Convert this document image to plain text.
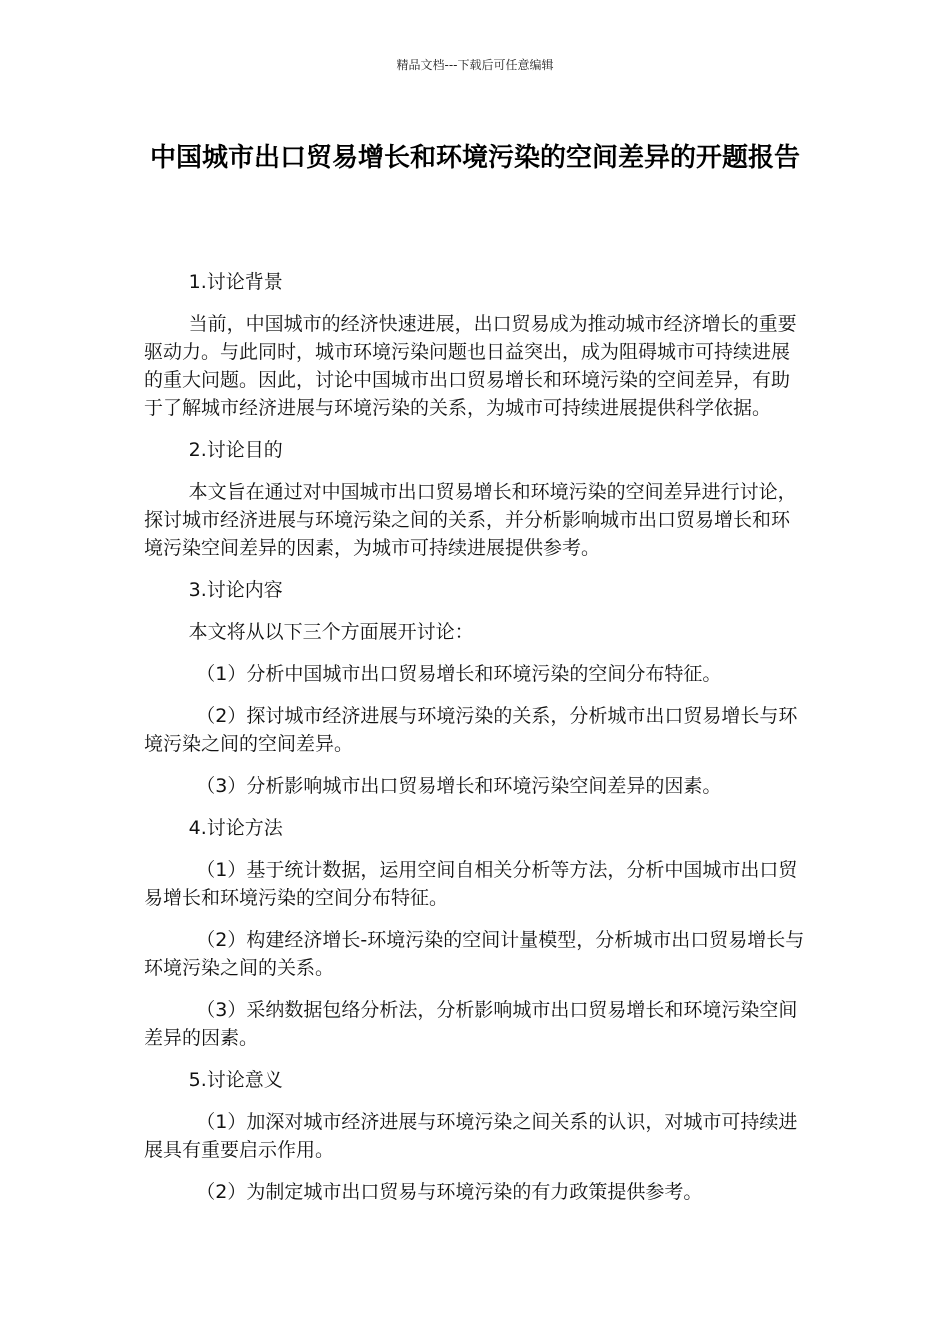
精品文档---下载后可任意编辑
中国城市出口贸易增长和环境污染的空间差异的开题报告

1.讨论背景

当前，中国城市的经济快速进展，出口贸易成为推动城市经济增长的重要驱动力。与此同时，城市环境污染问题也日益突出，成为阻碍城市可持续进展的重大问题。因此，讨论中国城市出口贸易增长和环境污染的空间差异，有助于了解城市经济进展与环境污染的关系，为城市可持续进展提供科学依据。

2.讨论目的

本文旨在通过对中国城市出口贸易增长和环境污染的空间差异进行讨论，探讨城市经济进展与环境污染之间的关系，并分析影响城市出口贸易增长和环境污染空间差异的因素，为城市可持续进展提供参考。

3.讨论内容

本文将从以下三个方面展开讨论：

（1）分析中国城市出口贸易增长和环境污染的空间分布特征。

（2）探讨城市经济进展与环境污染的关系，分析城市出口贸易增长与环境污染之间的空间差异。

（3）分析影响城市出口贸易增长和环境污染空间差异的因素。

4.讨论方法

（1）基于统计数据，运用空间自相关分析等方法，分析中国城市出口贸易增长和环境污染的空间分布特征。

（2）构建经济增长-环境污染的空间计量模型，分析城市出口贸易增长与环境污染之间的关系。

（3）采纳数据包络分析法，分析影响城市出口贸易增长和环境污染空间差异的因素。

5.讨论意义

（1）加深对城市经济进展与环境污染之间关系的认识，对城市可持续进展具有重要启示作用。

（2）为制定城市出口贸易与环境污染的有力政策提供参考。
